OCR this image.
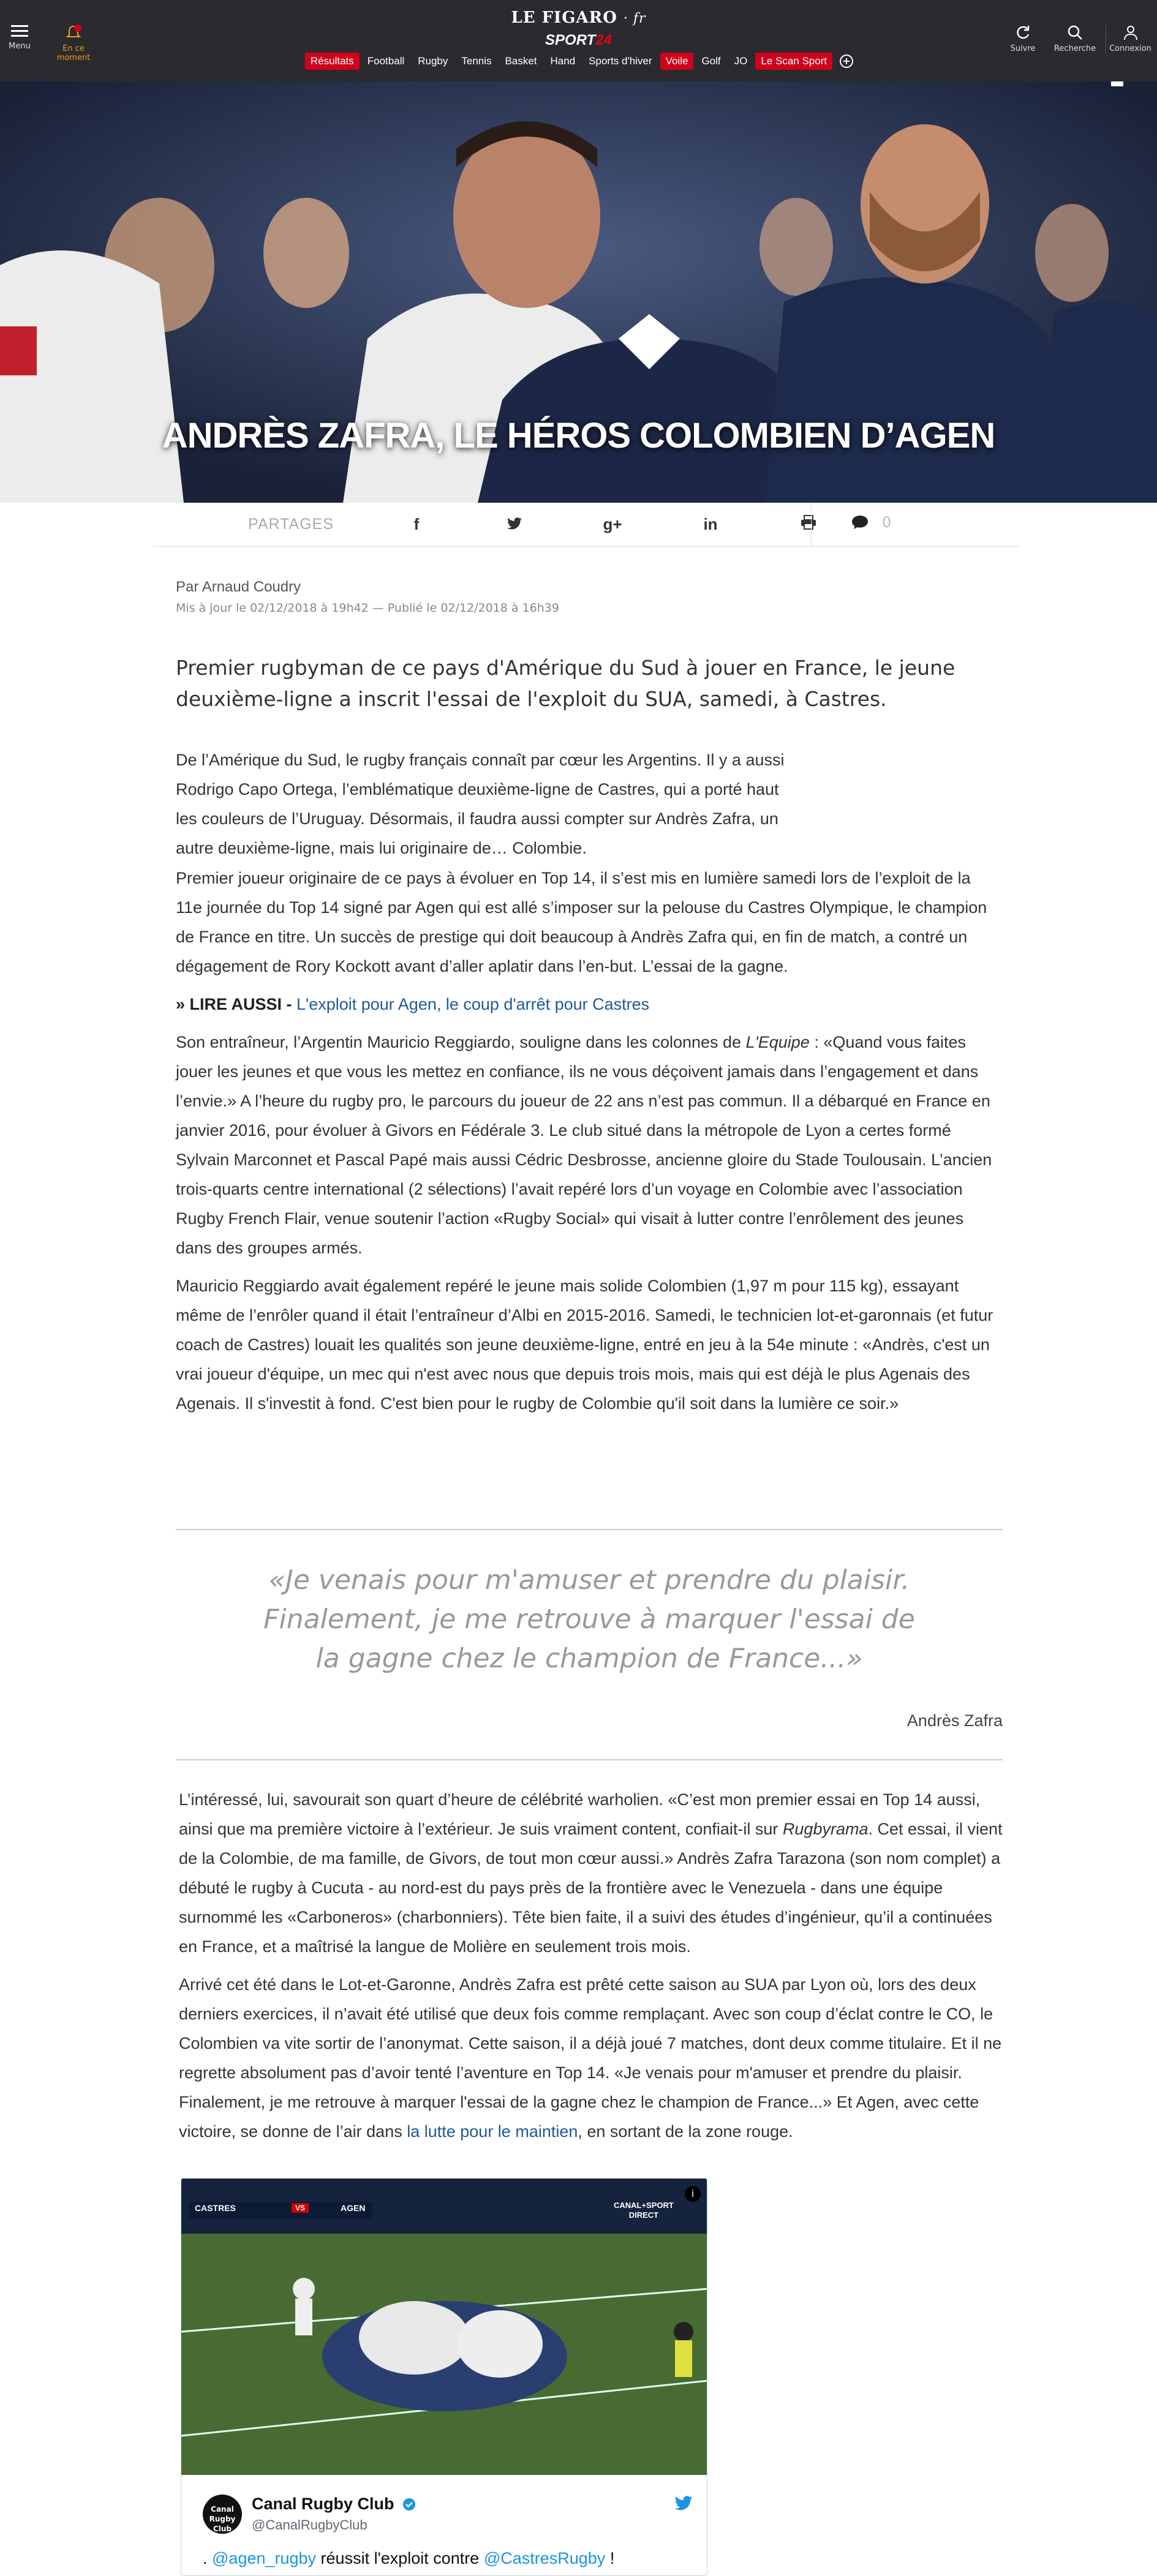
Menu	En ce moment
LE FIGARO · fr
SPORT24
Résultats	Football	Rugby	Tennis	Basket	Hand	Sports d'hiver	Voile	Golf	JO	Le Scan Sport
Suivre	Recherche	Connexion
ANDRÈS ZAFRA, LE HÉROS COLOMBIEN D’AGEN
PARTAGES	f	g+	in	0
Par Arnaud Coudry
Mis à jour le 02/12/2018 à 19h42 — Publié le 02/12/2018 à 16h39
Premier rugbyman de ce pays d'Amérique du Sud à jouer en France, le jeune deuxième-ligne a inscrit l'essai de l'exploit du SUA, samedi, à Castres.

De l’Amérique du Sud, le rugby français connaît par cœur les Argentins. Il y a aussi Rodrigo Capo Ortega, l’emblématique deuxième-ligne de Castres, qui a porté haut les couleurs de l’Uruguay. Désormais, il faudra aussi compter sur Andrès Zafra, un autre deuxième-ligne, mais lui originaire de… Colombie.

Premier joueur originaire de ce pays à évoluer en Top 14, il s’est mis en lumière samedi lors de l’exploit de la 11e journée du Top 14 signé par Agen qui est allé s’imposer sur la pelouse du Castres Olympique, le champion de France en titre. Un succès de prestige qui doit beaucoup à Andrès Zafra qui, en fin de match, a contré un dégagement de Rory Kockott avant d’aller aplatir dans l’en-but. L’essai de la gagne.

» LIRE AUSSI - L'exploit pour Agen, le coup d'arrêt pour Castres

Son entraîneur, l’Argentin Mauricio Reggiardo, souligne dans les colonnes de L'Equipe : «Quand vous faites jouer les jeunes et que vous les mettez en confiance, ils ne vous déçoivent jamais dans l’engagement et dans l’envie.» A l’heure du rugby pro, le parcours du joueur de 22 ans n’est pas commun. Il a débarqué en France en janvier 2016, pour évoluer à Givors en Fédérale 3. Le club situé dans la métropole de Lyon a certes formé Sylvain Marconnet et Pascal Papé mais aussi Cédric Desbrosse, ancienne gloire du Stade Toulousain. L’ancien trois-quarts centre international (2 sélections) l’avait repéré lors d’un voyage en Colombie avec l’association Rugby French Flair, venue soutenir l’action «Rugby Social» qui visait à lutter contre l’enrôlement des jeunes dans des groupes armés.

Mauricio Reggiardo avait également repéré le jeune mais solide Colombien (1,97 m pour 115 kg), essayant même de l’enrôler quand il était l’entraîneur d’Albi en 2015-2016. Samedi, le technicien lot-et-garonnais (et futur coach de Castres) louait les qualités son jeune deuxième-ligne, entré en jeu à la 54e minute : «Andrès, c'est un vrai joueur d'équipe, un mec qui n'est avec nous que depuis trois mois, mais qui est déjà le plus Agenais des Agenais. Il s'investit à fond. C'est bien pour le rugby de Colombie qu'il soit dans la lumière ce soir.»

«Je venais pour m'amuser et prendre du plaisir. Finalement, je me retrouve à marquer l'essai de la gagne chez le champion de France...»
Andrès Zafra

L’intéressé, lui, savourait son quart d’heure de célébrité warholien. «C’est mon premier essai en Top 14 aussi, ainsi que ma première victoire à l’extérieur. Je suis vraiment content, confiait-il sur Rugbyrama. Cet essai, il vient de la Colombie, de ma famille, de Givors, de tout mon cœur aussi.» Andrès Zafra Tarazona (son nom complet) a débuté le rugby à Cucuta - au nord-est du pays près de la frontière avec le Venezuela - dans une équipe surnommé les «Carboneros» (charbonniers). Tête bien faite, il a suivi des études d’ingénieur, qu’il a continuées en France, et a maîtrisé la langue de Molière en seulement trois mois.

Arrivé cet été dans le Lot-et-Garonne, Andrès Zafra est prêté cette saison au SUA par Lyon où, lors des deux derniers exercices, il n’avait été utilisé que deux fois comme remplaçant. Avec son coup d’éclat contre le CO, le Colombien va vite sortir de l’anonymat. Cette saison, il a déjà joué 7 matches, dont deux comme titulaire. Et il ne regrette absolument pas d’avoir tenté l’aventure en Top 14. «Je venais pour m'amuser et prendre du plaisir. Finalement, je me retrouve à marquer l'essai de la gagne chez le champion de France...» Et Agen, avec cette victoire, se donne de l’air dans la lutte pour le maintien, en sortant de la zone rouge.

CASTRES	VS	AGEN	CANAL+SPORT
DIRECT
i
Canal Rugby Club
Canal Rugby Club
@CanalRugbyClub
. @agen_rugby réussit l'exploit contre @CastresRugby !
